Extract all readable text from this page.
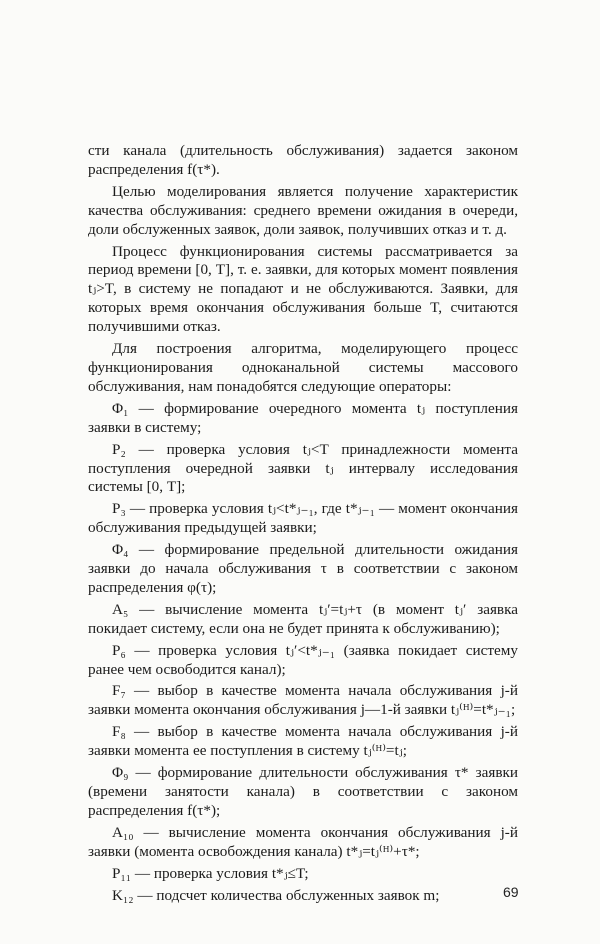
сти канала (длительность обслуживания) задается законом распределения f(τ*).

Целью моделирования является получение характеристик качества обслуживания: среднего времени ожидания в очереди, доли обслуженных заявок, доли заявок, получивших отказ и т. д.

Процесс функционирования системы рассматривается за период времени [0, T], т. е. заявки, для которых момент появления tⱼ>T, в систему не попадают и не обслуживаются. Заявки, для которых время окончания обслуживания больше T, считаются получившими отказ.

Для построения алгоритма, моделирующего процесс функционирования одноканальной системы массового обслуживания, нам понадобятся следующие операторы:

Φ₁ — формирование очередного момента tⱼ поступления заявки в систему;

P₂ — проверка условия tⱼ<T принадлежности момента поступления очередной заявки tⱼ интервалу исследования системы [0, T];

P₃ — проверка условия tⱼ<t*ⱼ₋₁, где t*ⱼ₋₁ — момент окончания обслуживания предыдущей заявки;

Φ₄ — формирование предельной длительности ожидания заявки до начала обслуживания τ в соответствии с законом распределения φ(τ);

A₅ — вычисление момента tⱼ′=tⱼ+τ (в момент tⱼ′ заявка покидает систему, если она не будет принята к обслуживанию);

P₆ — проверка условия tⱼ′<t*ⱼ₋₁ (заявка покидает систему ранее чем освободится канал);

F₇ — выбор в качестве момента начала обслуживания j-й заявки момента окончания обслуживания j—1-й заявки tⱼ⁽ᴴ⁾=t*ⱼ₋₁;

F₈ — выбор в качестве момента начала обслуживания j-й заявки момента ее поступления в систему tⱼ⁽ᴴ⁾=tⱼ;

Φ₉ — формирование длительности обслуживания τ* заявки (времени занятости канала) в соответствии с законом распределения f(τ*);

A₁₀ — вычисление момента окончания обслуживания j-й заявки (момента освобождения канала) t*ⱼ=tⱼ⁽ᴴ⁾+τ*;

P₁₁ — проверка условия t*ⱼ≤T;

K₁₂ — подсчет количества обслуженных заявок m;	69
